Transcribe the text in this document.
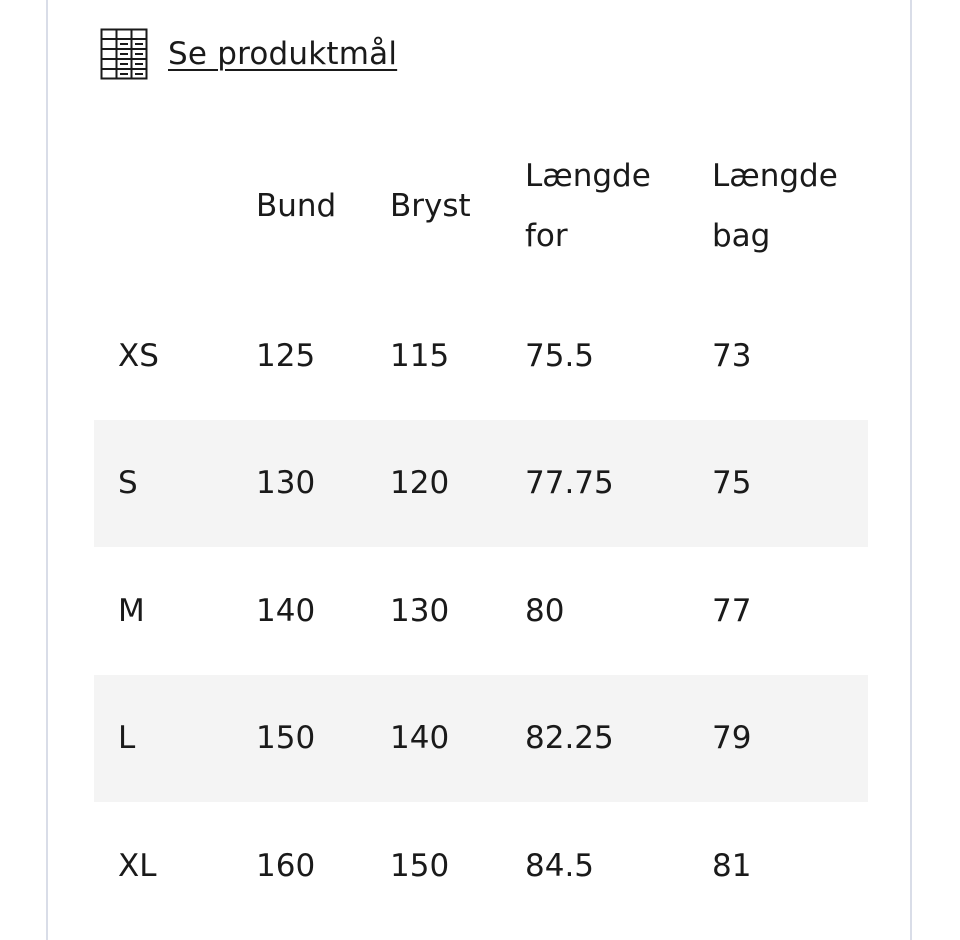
Se produktmål

	Bund	Bryst	Længde for	Længde bag

XS	125	115	75.5	73
S	130	120	77.75	75
M	140	130	80	77
L	150	140	82.25	79
XL	160	150	84.5	81
